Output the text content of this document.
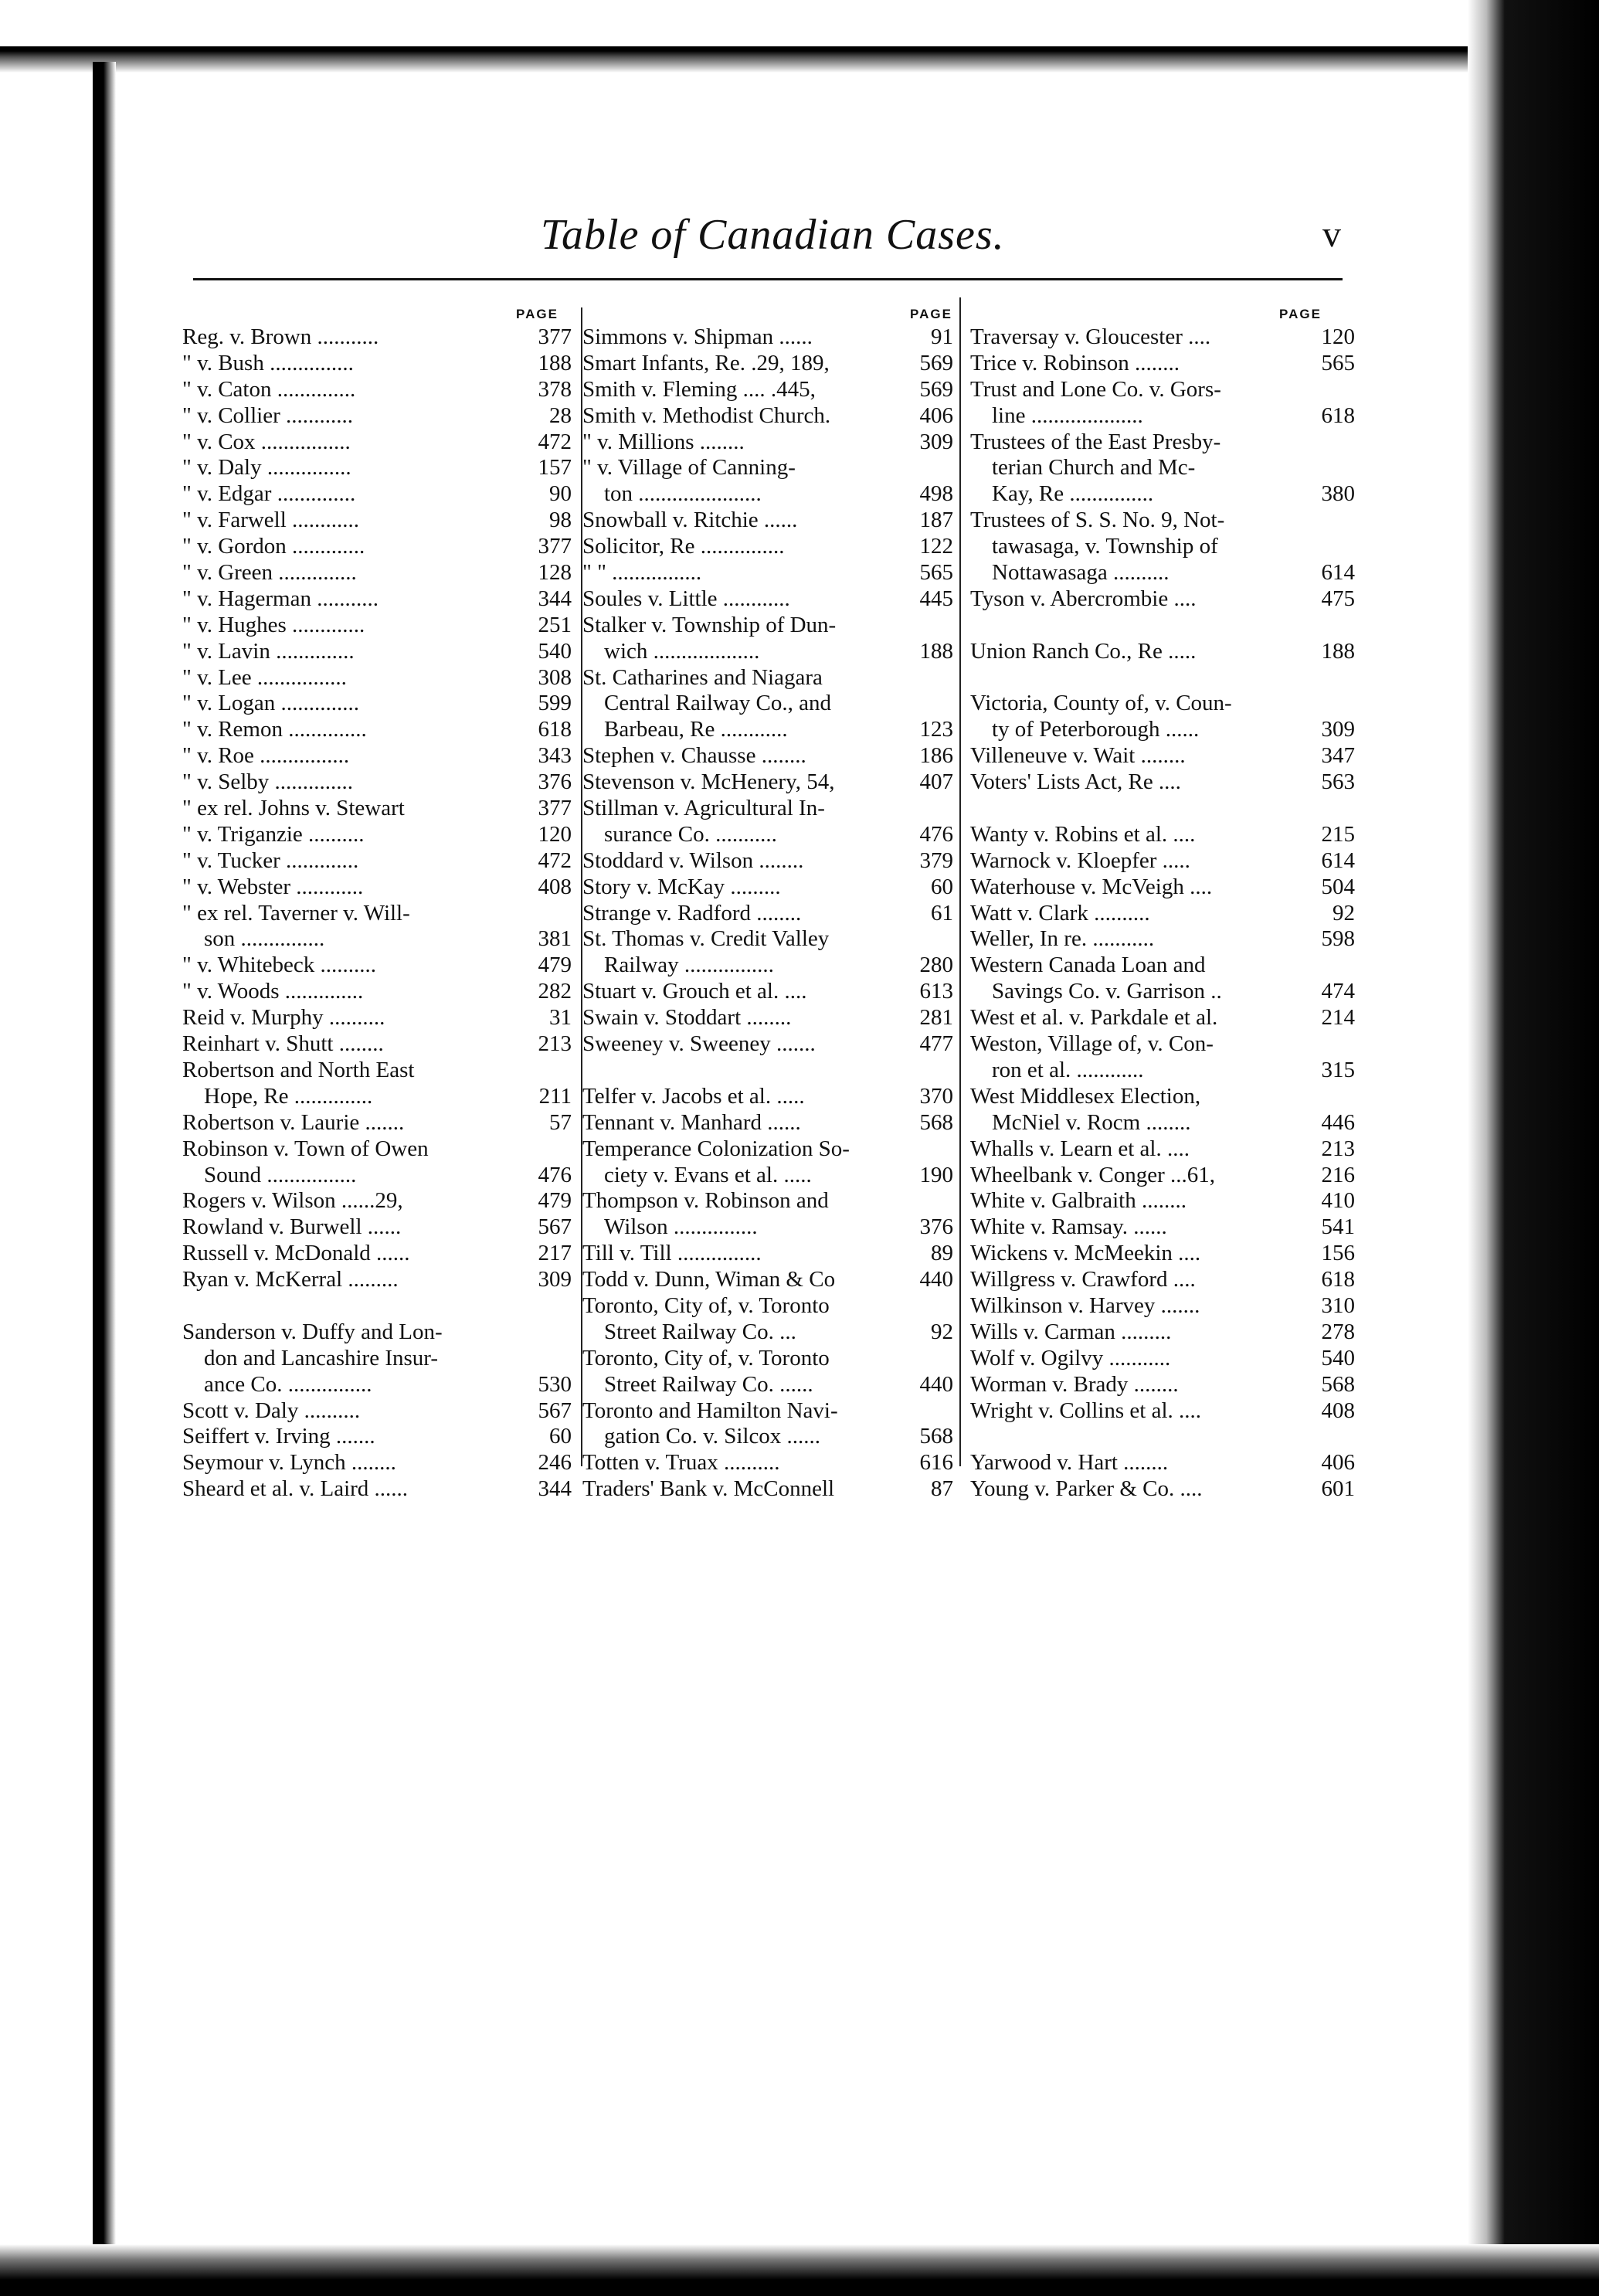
Table of Canadian Cases.	v
PAGE	PAGE	PAGE
Reg. v. Brown ...........	377
" v. Bush ...............	188
" v. Caton ..............	378
" v. Collier ............	28
" v. Cox ................	472
" v. Daly ...............	157
" v. Edgar ..............	90
" v. Farwell ............	98
" v. Gordon .............	377
" v. Green ..............	128
" v. Hagerman ...........	344
" v. Hughes .............	251
" v. Lavin ..............	540
" v. Lee ................	308
" v. Logan ..............	599
" v. Remon ..............	618
" v. Roe ................	343
" v. Selby ..............	376
" ex rel. Johns v. Stewart	377
" v. Triganzie ..........	120
" v. Tucker .............	472
" v. Webster ............	408
" ex rel. Taverner v. Will-
son ...............	381
" v. Whitebeck ..........	479
" v. Woods ..............	282
Reid v. Murphy ..........	31
Reinhart v. Shutt ........	213
Robertson and North East
Hope, Re ..............	211
Robertson v. Laurie .......	57
Robinson v. Town of Owen
Sound ................	476
Rogers v. Wilson ......29,	479
Rowland v. Burwell ......	567
Russell v. McDonald ......	217
Ryan v. McKerral .........	309
Sanderson v. Duffy and Lon-
don and Lancashire Insur-
ance Co. ...............	530
Scott v. Daly ..........	567
Seiffert v. Irving .......	60
Seymour v. Lynch ........	246
Sheard et al. v. Laird ......	344
Simmons v. Shipman ......	91
Smart Infants, Re. .29, 189,	569
Smith v. Fleming .... .445,	569
Smith v. Methodist Church.	406
" v. Millions ........	309
" v. Village of Canning-
ton ......................	498
Snowball v. Ritchie ......	187
Solicitor, Re ...............	122
" " ................	565
Soules v. Little ............	445
Stalker v. Township of Dun-
wich ...................	188
St. Catharines and Niagara
Central Railway Co., and
Barbeau, Re ............	123
Stephen v. Chausse ........	186
Stevenson v. McHenery, 54,	407
Stillman v. Agricultural In-
surance Co. ...........	476
Stoddard v. Wilson ........	379
Story v. McKay .........	60
Strange v. Radford ........	61
St. Thomas v. Credit Valley
Railway ................	280
Stuart v. Grouch et al. ....	613
Swain v. Stoddart ........	281
Sweeney v. Sweeney .......	477
Telfer v. Jacobs et al. .....	370
Tennant v. Manhard ......	568
Temperance Colonization So-
ciety v. Evans et al. .....	190
Thompson v. Robinson and
Wilson ...............	376
Till v. Till ...............	89
Todd v. Dunn, Wiman & Co	440
Toronto, City of, v. Toronto
Street Railway Co. ...	92
Toronto, City of, v. Toronto
Street Railway Co. ......	440
Toronto and Hamilton Navi-
gation Co. v. Silcox ......	568
Totten v. Truax ..........	616
Traders' Bank v. McConnell	87
Traversay v. Gloucester ....	120
Trice v. Robinson ........	565
Trust and Lone Co. v. Gors-
line ....................	618
Trustees of the East Presby-
terian Church and Mc-
Kay, Re ...............	380
Trustees of S. S. No. 9, Not-
tawasaga, v. Township of
Nottawasaga ..........	614
Tyson v. Abercrombie ....	475
Union Ranch Co., Re .....	188
Victoria, County of, v. Coun-
ty of Peterborough ......	309
Villeneuve v. Wait ........	347
Voters' Lists Act, Re ....	563
Wanty v. Robins et al. ....	215
Warnock v. Kloepfer .....	614
Waterhouse v. McVeigh ....	504
Watt v. Clark ..........	92
Weller, In re. ...........	598
Western Canada Loan and
Savings Co. v. Garrison ..	474
West et al. v. Parkdale et al.	214
Weston, Village of, v. Con-
ron et al. ............	315
West Middlesex Election,
McNiel v. Rocm ........	446
Whalls v. Learn et al. ....	213
Wheelbank v. Conger ...61,	216
White v. Galbraith ........	410
White v. Ramsay. ......	541
Wickens v. McMeekin ....	156
Willgress v. Crawford ....	618
Wilkinson v. Harvey .......	310
Wills v. Carman .........	278
Wolf v. Ogilvy ...........	540
Worman v. Brady ........	568
Wright v. Collins et al. ....	408
Yarwood v. Hart ........	406
Young v. Parker & Co. ....	601
